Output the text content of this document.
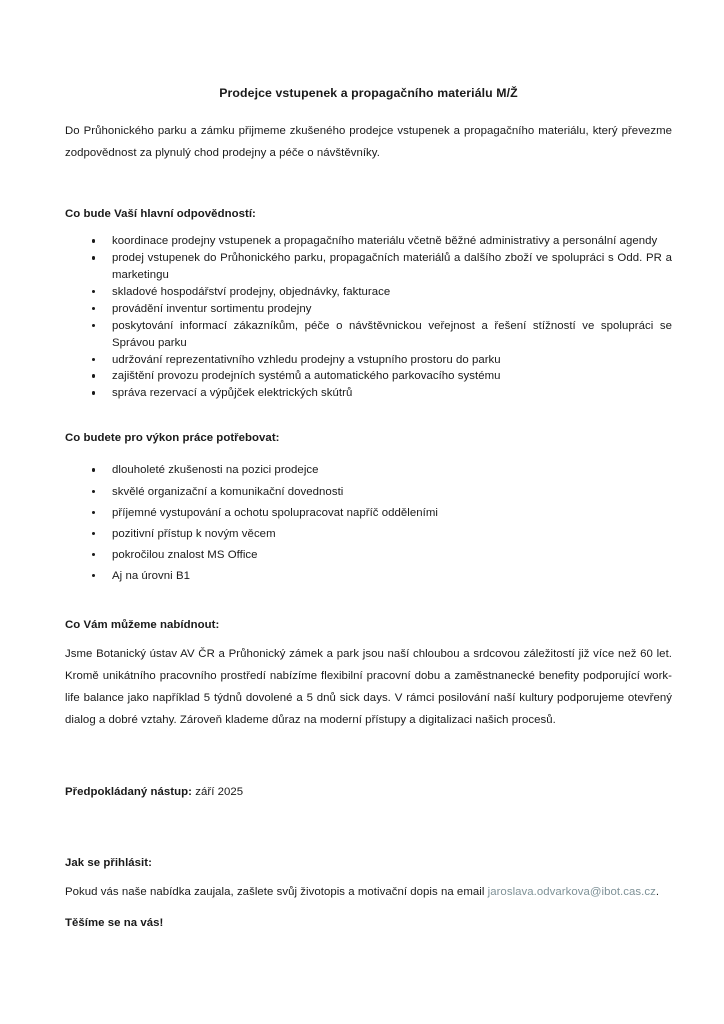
Prodejce vstupenek a propagačního materiálu M/Ž

Do Průhonického parku a zámku přijmeme zkušeného prodejce vstupenek a propagačního materiálu, který převezme zodpovědnost za plynulý chod prodejny a péče o návštěvníky.

Co bude Vaší hlavní odpovědností:

koordinace prodejny vstupenek a propagačního materiálu včetně běžné administrativy a personální agendy
prodej vstupenek do Průhonického parku, propagačních materiálů a dalšího zboží ve spolupráci s Odd. PR a marketingu
skladové hospodářství prodejny, objednávky, fakturace
provádění inventur sortimentu prodejny
poskytování informací zákazníkům, péče o návštěvnickou veřejnost a řešení stížností ve spolupráci se Správou parku
udržování reprezentativního vzhledu prodejny a vstupního prostoru do parku
zajištění provozu prodejních systémů a automatického parkovacího systému
správa rezervací a výpůjček elektrických skútrů

Co budete pro výkon práce potřebovat:

dlouholeté zkušenosti na pozici prodejce
skvělé organizační a komunikační dovednosti
příjemné vystupování a ochotu spolupracovat napříč odděleními
pozitivní přístup k novým věcem
pokročilou znalost MS Office
Aj na úrovni B1

Co Vám můžeme nabídnout:

Jsme Botanický ústav AV ČR a Průhonický zámek a park jsou naší chloubou a srdcovou záležitostí již více než 60 let. Kromě unikátního pracovního prostředí nabízíme flexibilní pracovní dobu a zaměstnanecké benefity podporující work-life balance jako například 5 týdnů dovolené a 5 dnů sick days. V rámci posilování naší kultury podporujeme otevřený dialog a dobré vztahy. Zároveň klademe důraz na moderní přístupy a digitalizaci našich procesů.

Předpokládaný nástup: září 2025

Jak se přihlásit:

Pokud vás naše nabídka zaujala, zašlete svůj životopis a motivační dopis na email jaroslava.odvarkova@ibot.cas.cz.

Těšíme se na vás!
